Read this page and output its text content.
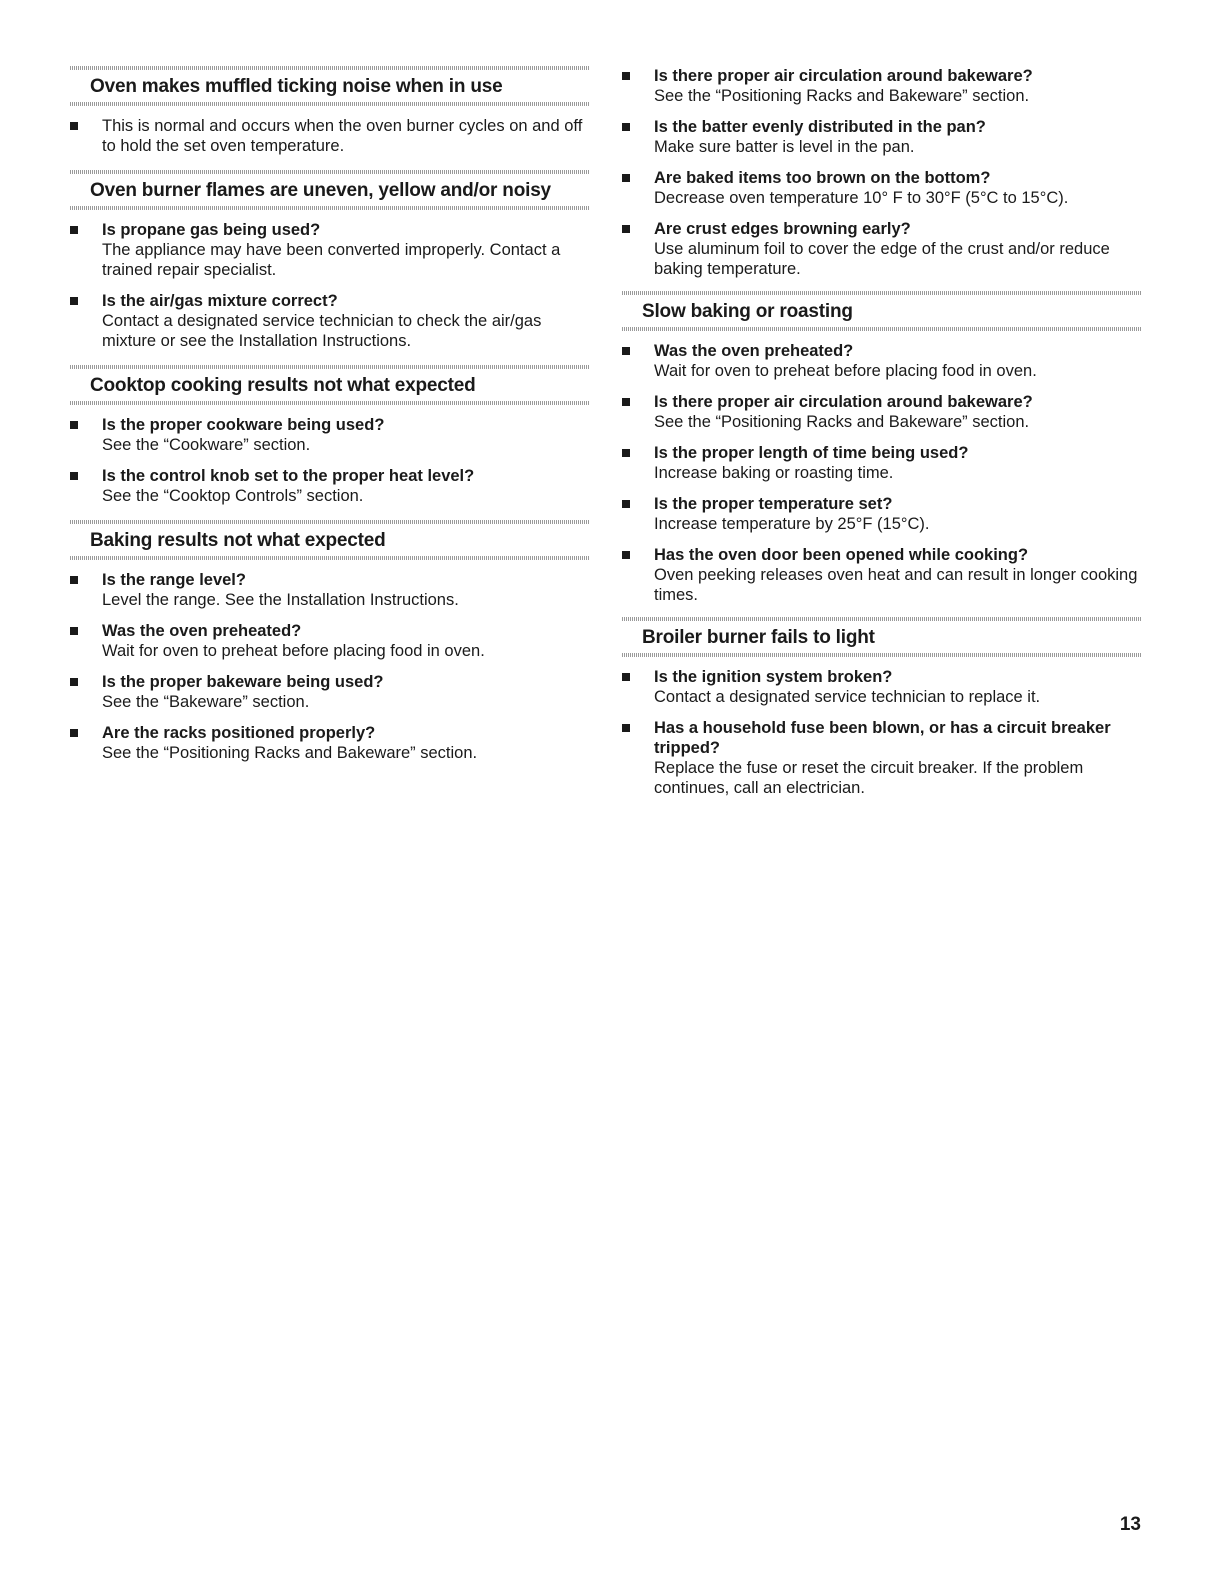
Oven makes muffled ticking noise when in use
This is normal and occurs when the oven burner cycles on and off to hold the set oven temperature.
Oven burner flames are uneven, yellow and/or noisy
Is propane gas being used?
The appliance may have been converted improperly. Contact a trained repair specialist.
Is the air/gas mixture correct?
Contact a designated service technician to check the air/gas mixture or see the Installation Instructions.
Cooktop cooking results not what expected
Is the proper cookware being used?
See the “Cookware” section.
Is the control knob set to the proper heat level?
See the “Cooktop Controls” section.
Baking results not what expected
Is the range level?
Level the range. See the Installation Instructions.
Was the oven preheated?
Wait for oven to preheat before placing food in oven.
Is the proper bakeware being used?
See the “Bakeware” section.
Are the racks positioned properly?
See the “Positioning Racks and Bakeware” section.
Is there proper air circulation around bakeware?
See the “Positioning Racks and Bakeware” section.
Is the batter evenly distributed in the pan?
Make sure batter is level in the pan.
Are baked items too brown on the bottom?
Decrease oven temperature 10° F to 30°F (5°C to 15°C).
Are crust edges browning early?
Use aluminum foil to cover the edge of the crust and/or reduce baking temperature.
Slow baking or roasting
Was the oven preheated?
Wait for oven to preheat before placing food in oven.
Is there proper air circulation around bakeware?
See the “Positioning Racks and Bakeware” section.
Is the proper length of time being used?
Increase baking or roasting time.
Is the proper temperature set?
Increase temperature by 25°F (15°C).
Has the oven door been opened while cooking?
Oven peeking releases oven heat and can result in longer cooking times.
Broiler burner fails to light
Is the ignition system broken?
Contact a designated service technician to replace it.
Has a household fuse been blown, or has a circuit breaker tripped?
Replace the fuse or reset the circuit breaker. If the problem continues, call an electrician.
13
